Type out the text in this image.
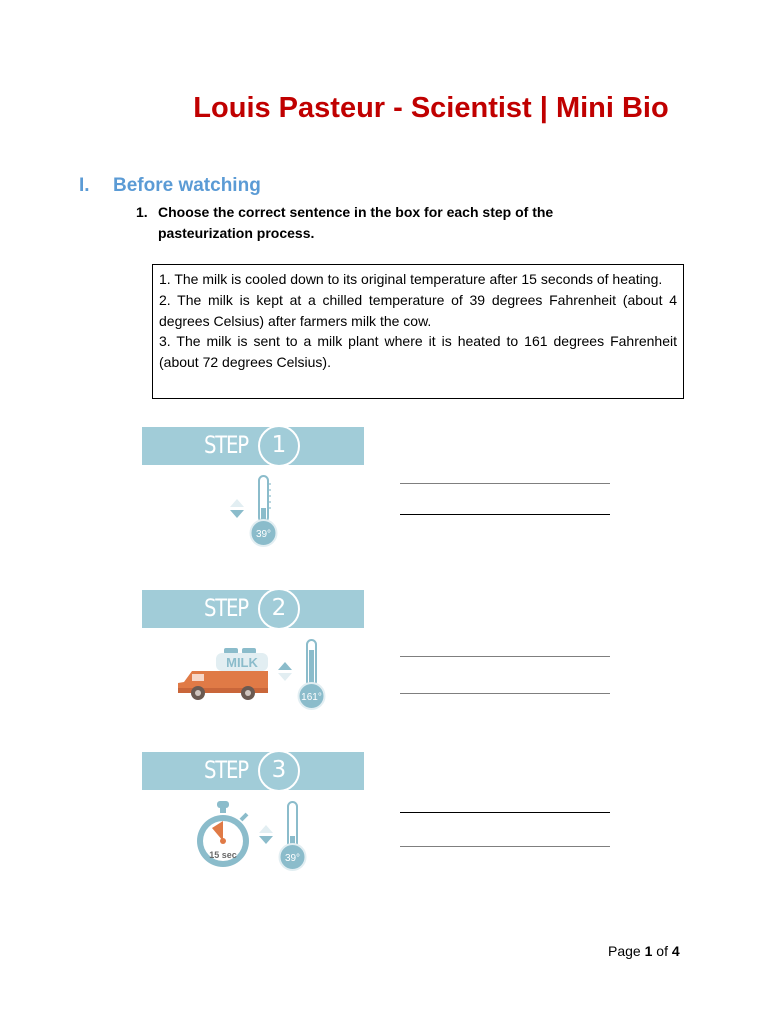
Louis Pasteur - Scientist | Mini Bio
I. Before watching
1. Choose the correct sentence in the box for each step of the pasteurization process.

1. The milk is cooled down to its original temperature after 15 seconds of heating.

2. The milk is kept at a chilled temperature of 39 degrees Fahrenheit (about 4 degrees Celsius) after farmers milk the cow.

3. The milk is sent to a milk plant where it is heated to 161 degrees Fahrenheit (about 72 degrees Celsius).

STEP	1
39°
STEP	2
MILK
161°
STEP	3
15 sec	39°
Page 1 of 4
